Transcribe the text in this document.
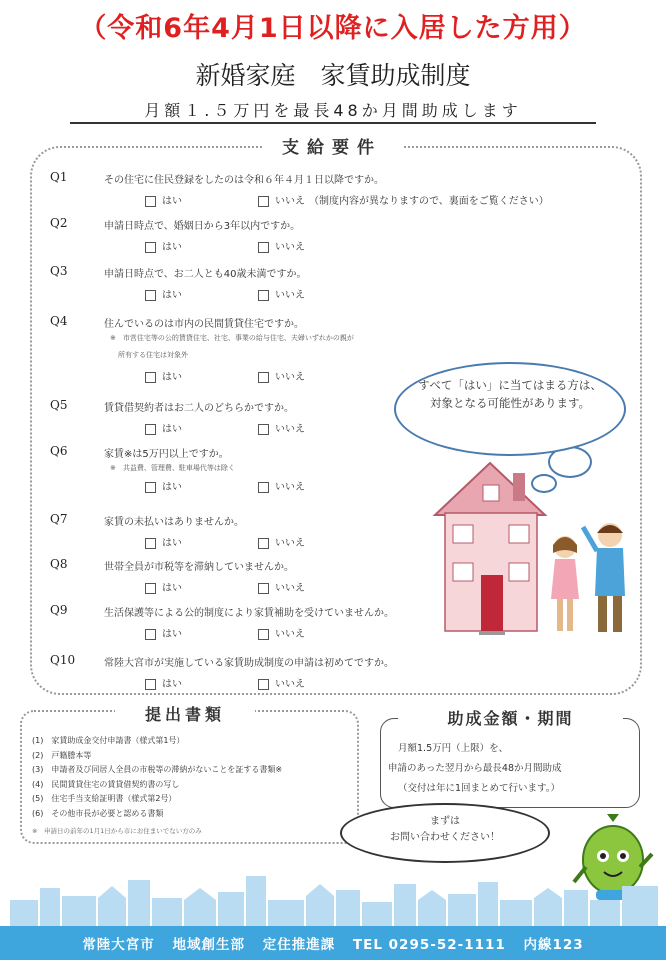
（令和6年4月1日以降に入居した方用）
新婚家庭　家賃助成制度
月額１.５万円を最長48か月間助成します
支給要件
Q1	その住宅に住民登録をしたのは令和６年４月１日以降ですか。
はい	いいえ （制度内容が異なりますので、裏面をご覧ください）
Q2	申請日時点で、婚姻日から3年以内ですか。
はい	いいえ
Q3	申請日時点で、お二人とも40歳未満ですか。
はい	いいえ
Q4	住んでいるのは市内の民間賃貸住宅ですか。
※　市営住宅等の公的賃貸住宅、社宅、事業の給与住宅、夫婦いずれかの親が
所有する住宅は対象外
はい	いいえ
Q5	賃貸借契約者はお二人のどちらかですか。
はい	いいえ
Q6	家賃※は5万円以上ですか。
※　共益費、管理費、駐車場代等は除く
はい	いいえ
Q7	家賃の未払いはありませんか。
はい	いいえ
Q8	世帯全員が市税等を滞納していませんか。
はい	いいえ
Q9	生活保護等による公的制度により家賃補助を受けていませんか。
はい	いいえ
Q10	常陸大宮市が実施している家賃助成制度の申請は初めてですか。
はい	いいえ
すべて「はい」に当てはまる方は、
対象となる可能性があります。
提出書類
(1)　家賃助成金交付申請書（様式第1号）
(2)　戸籍謄本等
(3)　申請者及び同居人全員の市税等の滞納がないことを証する書類※
(4)　民間賃貸住宅の賃貸借契約書の写し
(5)　住宅手当支給証明書（様式第2号）
(6)　その他市長が必要と認める書類
※　申請日の前年の1月1日から市にお住まいでない方のみ
助成金額・期間
月額1.5万円（上限）を、
申請のあった翌月から最長48か月間助成
（交付は年に1回まとめて行います。）
まずは
お問い合わせください！
常陸大宮市 地域創生部 定住推進課 TEL 0295-52-1111 内線123
